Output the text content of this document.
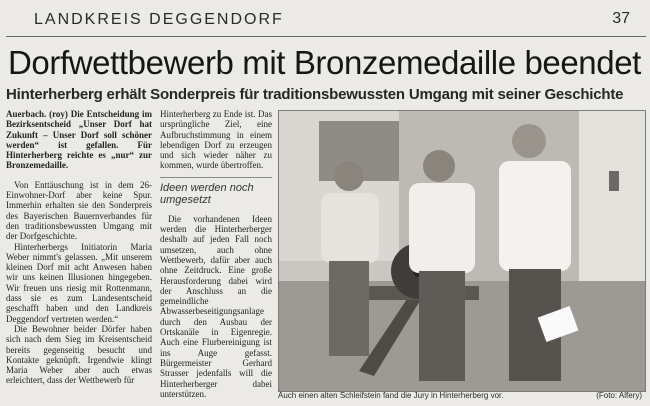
LANDKREIS DEGGENDORF	37
Dorfwettbewerb mit Bronzemedaille beendet
Hinterherberg erhält Sonderpreis für traditionsbewussten Umgang mit seiner Geschichte

Auerbach. (roy) Die Entscheidung im Bezirksentscheid „Unser Dorf hat Zukunft – Unser Dorf soll schöner werden“ ist gefallen. Für Hinterherberg reichte es „nur“ zur Bronzemedaille.

Von Enttäuschung ist in dem 26-Einwohner-Dorf aber keine Spur. Immerhin erhalten sie den Sonderpreis des Bayerischen Bauernverbandes für den traditionsbewussten Umgang mit der Dorfgeschichte.

Hinterherbergs Initiatorin Maria Weber nimmt's gelassen. „Mit unserem kleinen Dorf mit acht Anwesen haben wir uns keinen Illusionen hingegeben. Wir freuen uns riesig mit Rottenmann, dass sie es zum Landesentscheid geschafft haben und den Landkreis Deggendorf vertreten werden.“

Die Bewohner beider Dörfer haben sich nach dem Sieg im Kreisentscheid bereits gegenseitig besucht und Kontakte geknüpft. Irgendwie klingt Maria Weber aber auch etwas erleichtert, dass der Wettbewerb für

Hinterherberg zu Ende ist. Das ursprüngliche Ziel, eine Aufbruchstimmung in einem lebendigen Dorf zu erzeugen und sich wieder näher zu kommen, wurde übertroffen.

Ideen werden noch umgesetzt

Die vorhandenen Ideen werden die Hinterherberger deshalb auf jeden Fall noch umsetzen, auch ohne Wettbewerb, dafür aber auch ohne Zeitdruck. Eine große Herausforderung dabei wird der Anschluss an die gemeindliche Abwasserbeseitigungsanlage durch den Ausbau der Ortskanäle in Eigenregie. Auch eine Flurbereinigung ist ins Auge gefasst. Bürgermeister Gerhard Strasser jedenfalls will die Hinterherberger dabei unterstützen.	Auch einen alten Schleifstein fand die Jury in Hinterherberg vor.	(Foto: Alfery)
